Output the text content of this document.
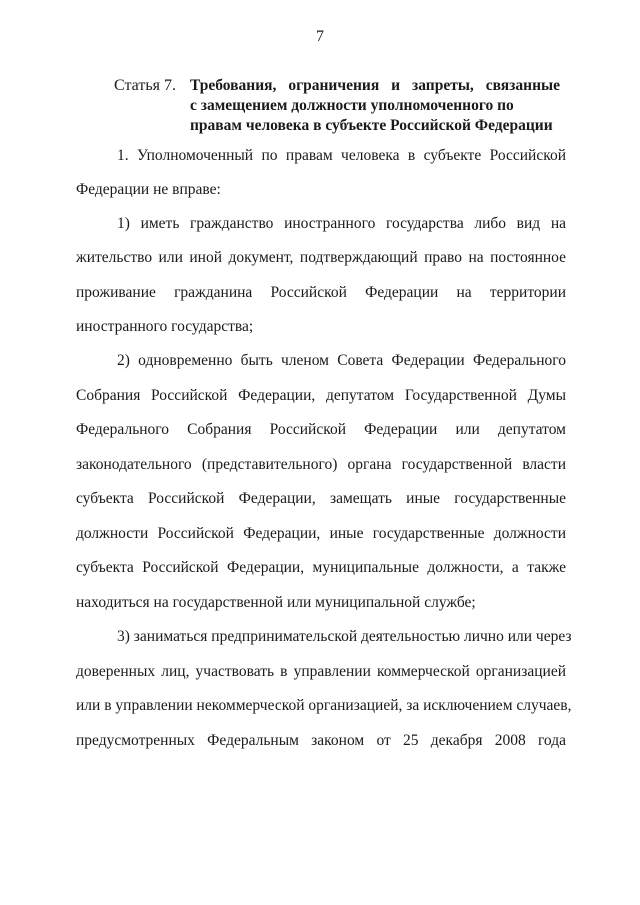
7
Статья 7. Требования, ограничения и запреты, связанные
с замещением должности уполномоченного по
правам человека в субъекте Российской Федерации
1. Уполномоченный по правам человека в субъекте Российской
Федерации не вправе:
1) иметь гражданство иностранного государства либо вид на
жительство или иной документ, подтверждающий право на постоянное
проживание гражданина Российской Федерации на территории
иностранного государства;
2) одновременно быть членом Совета Федерации Федерального
Собрания Российской Федерации, депутатом Государственной Думы
Федерального Собрания Российской Федерации или депутатом
законодательного (представительного) органа государственной власти
субъекта Российской Федерации, замещать иные государственные
должности Российской Федерации, иные государственные должности
субъекта Российской Федерации, муниципальные должности, а также
находиться на государственной или муниципальной службе;
3) заниматься предпринимательской деятельностью лично или через
доверенных лиц, участвовать в управлении коммерческой организацией
или в управлении некоммерческой организацией, за исключением случаев,
предусмотренных Федеральным законом от 25 декабря 2008 года
